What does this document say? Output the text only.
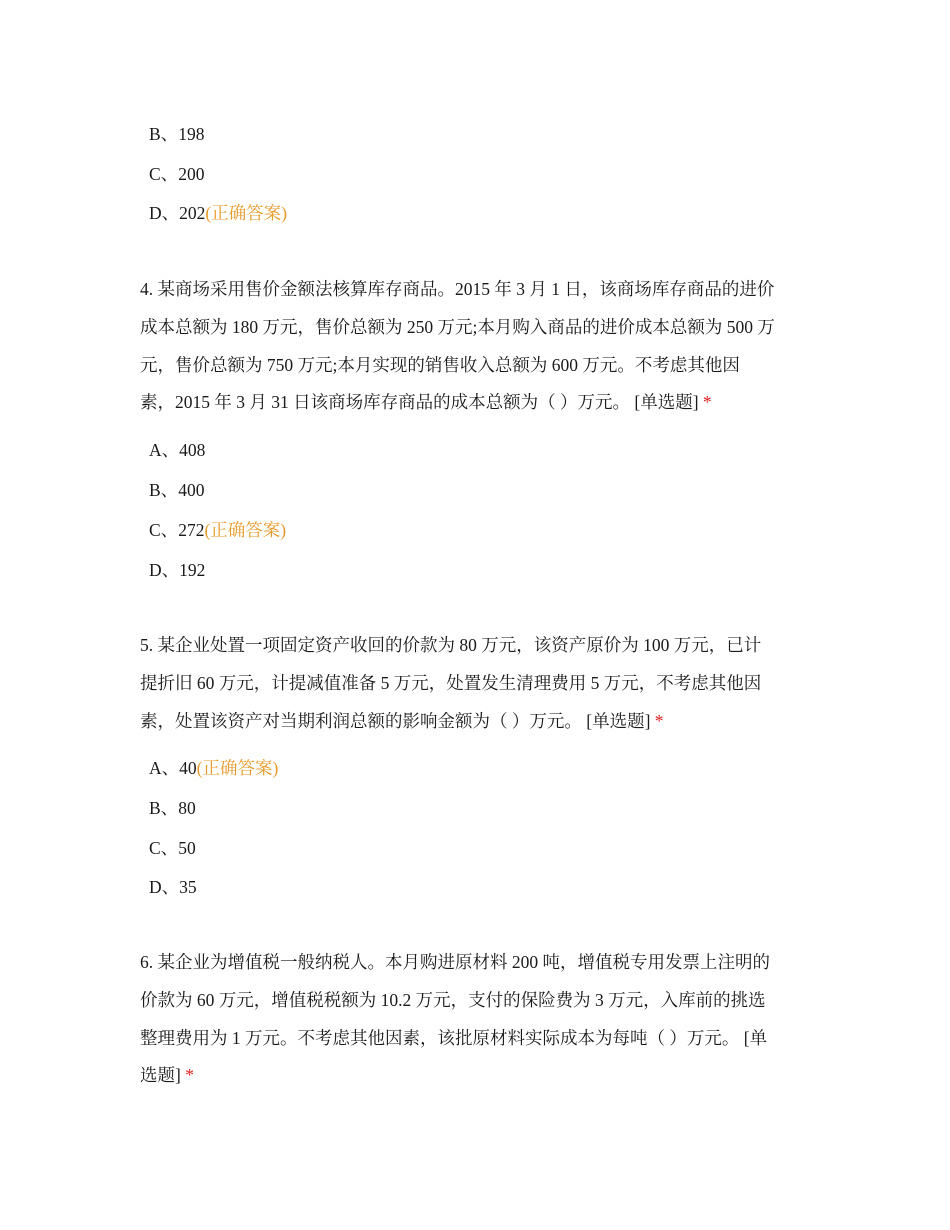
B、198
C、200
D、202(正确答案)
4. 某商场采用售价金额法核算库存商品。2015 年 3 月 1 日，该商场库存商品的进价
成本总额为 180 万元，售价总额为 250 万元;本月购入商品的进价成本总额为 500 万
元，售价总额为 750 万元;本月实现的销售收入总额为 600 万元。不考虑其他因
素，2015 年 3 月 31 日该商场库存商品的成本总额为（ ）万元。 [单选题] *
A、408
B、400
C、272(正确答案)
D、192
5. 某企业处置一项固定资产收回的价款为 80 万元，该资产原价为 100 万元，已计
提折旧 60 万元，计提减值准备 5 万元，处置发生清理费用 5 万元，不考虑其他因
素，处置该资产对当期利润总额的影响金额为（ ）万元。 [单选题] *
A、40(正确答案)
B、80
C、50
D、35
6. 某企业为增值税一般纳税人。本月购进原材料 200 吨，增值税专用发票上注明的
价款为 60 万元，增值税税额为 10.2 万元，支付的保险费为 3 万元，入库前的挑选
整理费用为 1 万元。不考虑其他因素，该批原材料实际成本为每吨（ ）万元。 [单
选题] *
